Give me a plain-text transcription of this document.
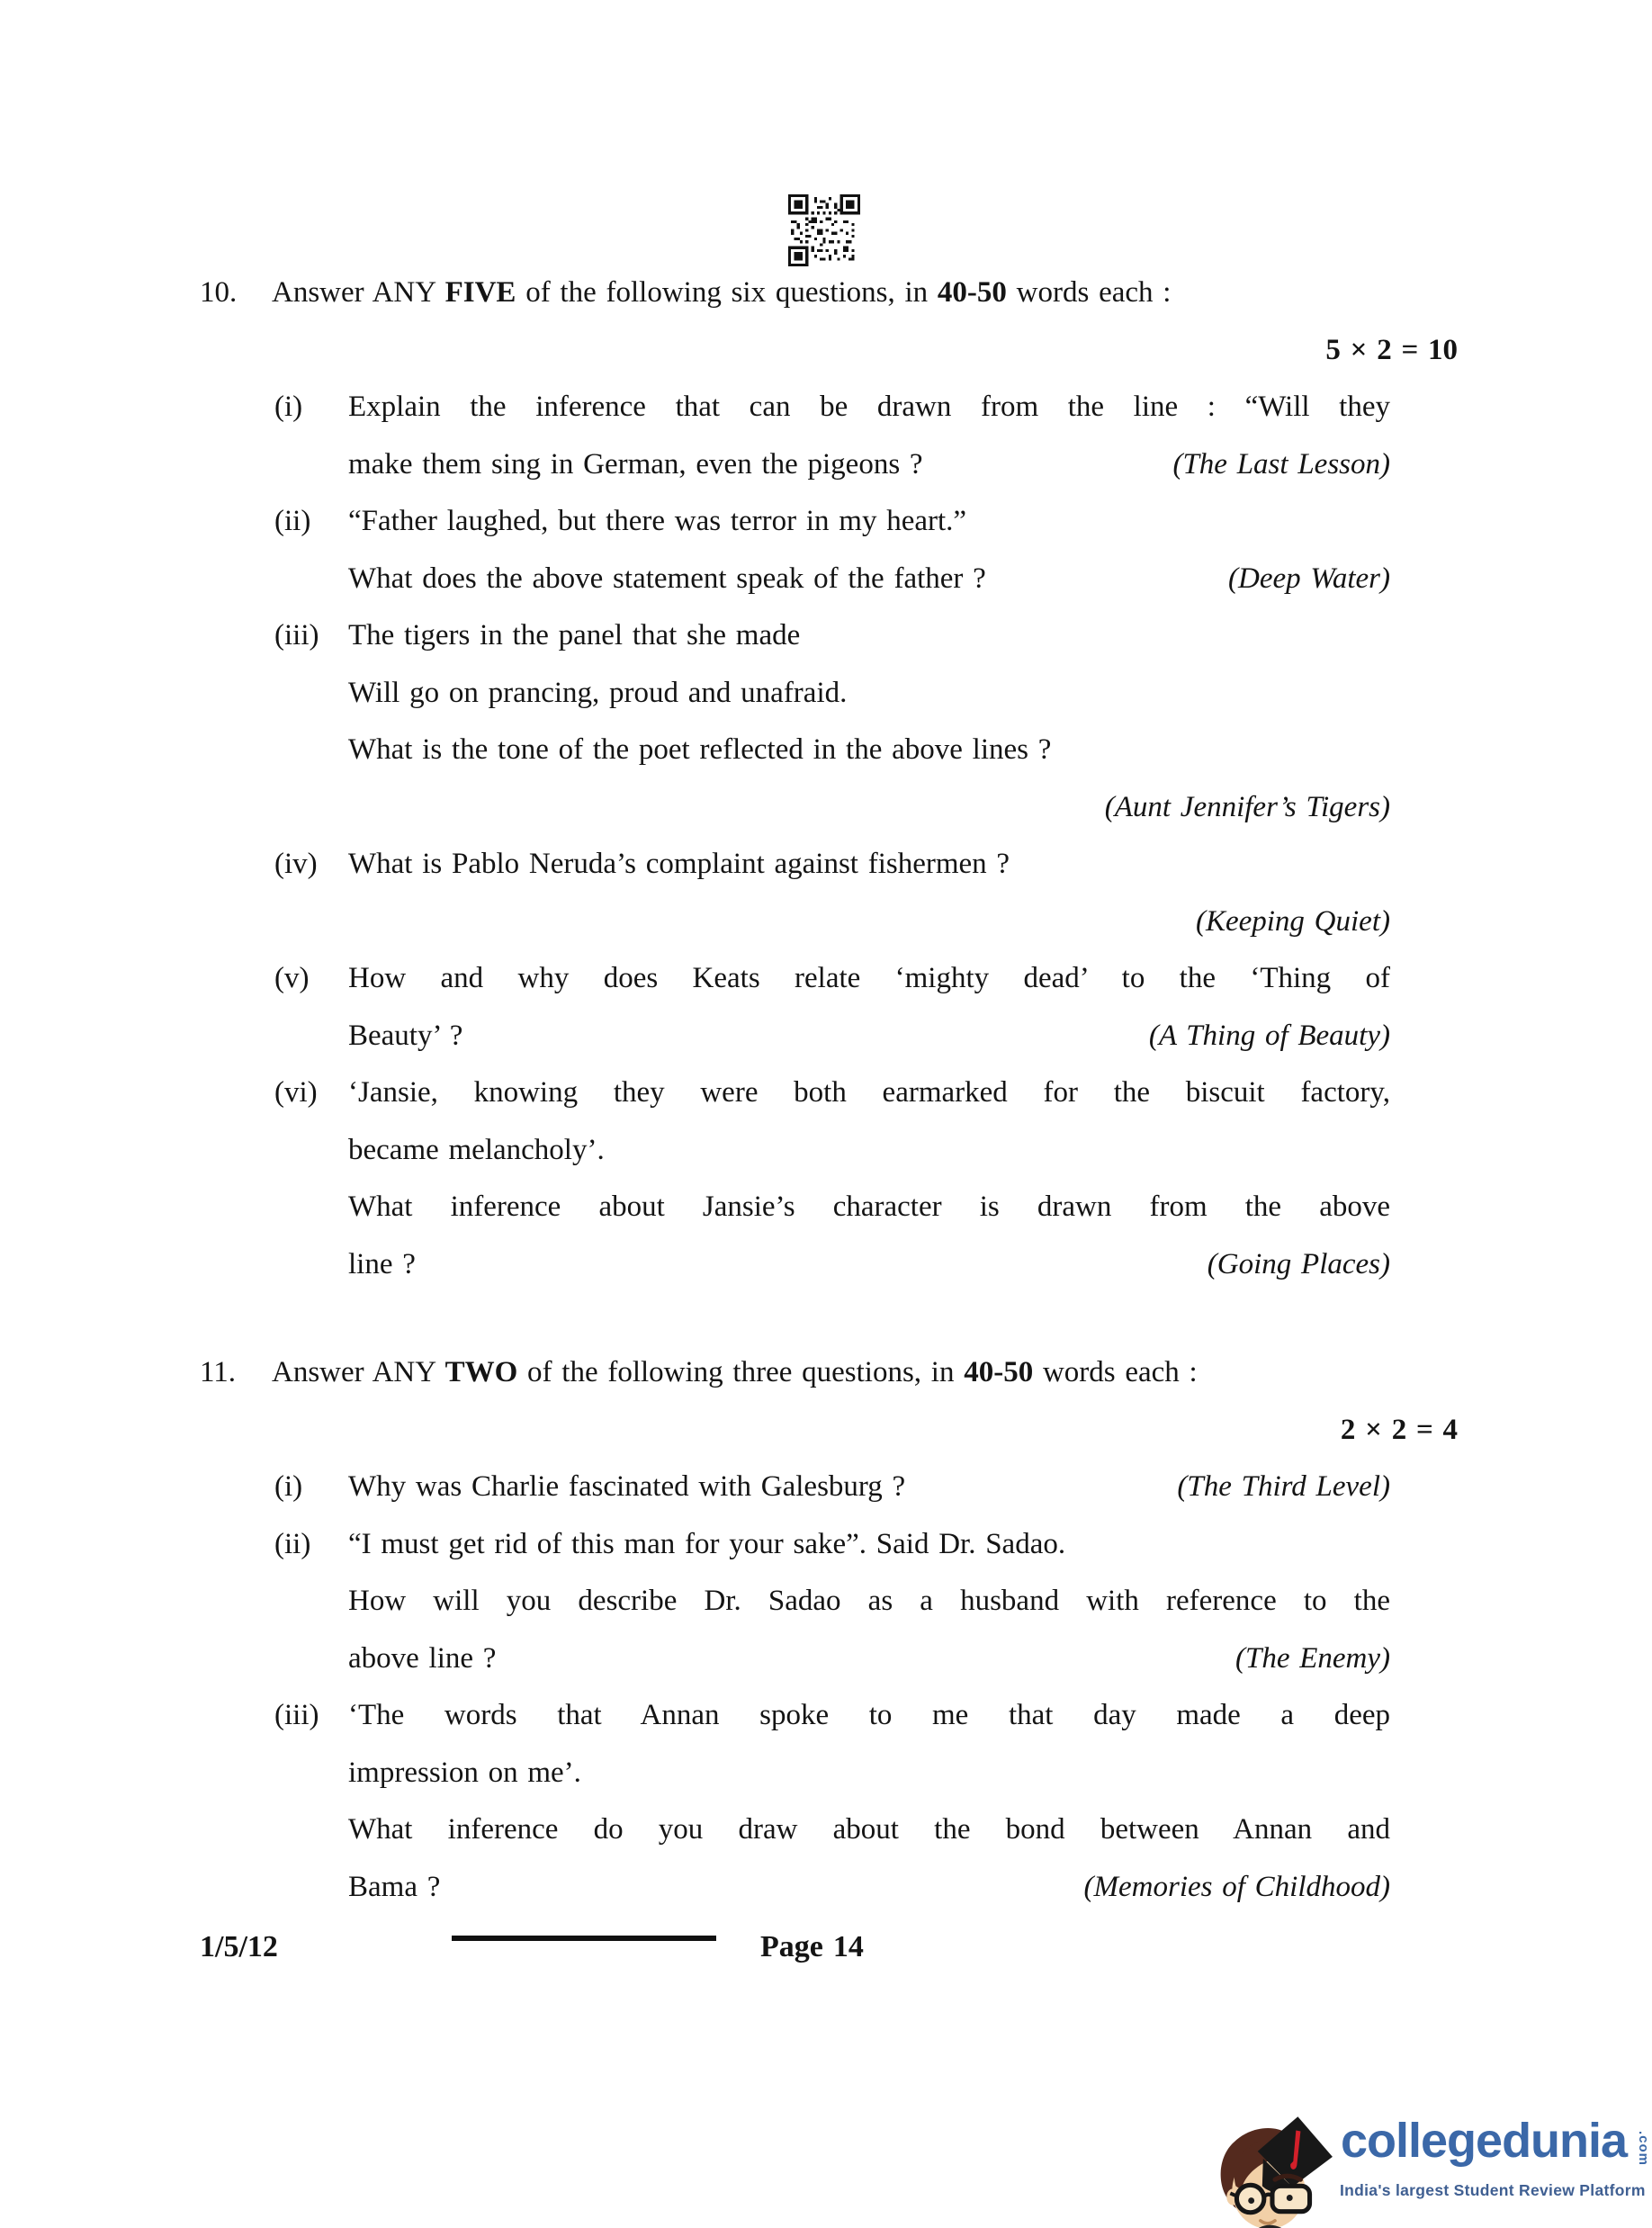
10.	Answer ANY FIVE of the following six questions, in 40-50 words each :
5 × 2 = 10
(i)	Explain the inference that can be drawn from the line : “Will they
make them sing in German, even the pigeons ?	(The Last Lesson)
(ii)	“Father laughed, but there was terror in my heart.”
What does the above statement speak of the father ?	(Deep Water)
(iii) The tigers in the panel that she made
Will go on prancing, proud and unafraid.
What is the tone of the poet reflected in the above lines ?
(Aunt Jennifer’s Tigers)
(iv)	What is Pablo Neruda’s complaint against fishermen ?
(Keeping Quiet)
(v)	How and why does Keats relate ‘mighty dead’ to the ‘Thing of
Beauty’ ?	(A Thing of Beauty)
(vi)	‘Jansie, knowing they were both earmarked for the biscuit factory,
became melancholy’.
What inference about Jansie’s character is drawn from the above
line ?	(Going Places)
11.	Answer ANY TWO of the following three questions, in 40-50 words each :
2 × 2 = 4
(i)	Why was Charlie fascinated with Galesburg ?	(The Third Level)
(ii)	“I must get rid of this man for your sake”. Said Dr. Sadao.
How will you describe Dr. Sadao as a husband with reference to the
above line ?	(The Enemy)
(iii) ‘The words that Annan spoke to me that day made a deep
impression on me’.
What inference do you draw about the bond between Annan and
Bama ?	(Memories of Childhood)
1/5/12	Page 14
collegedunia .com
India's largest Student Review Platform
